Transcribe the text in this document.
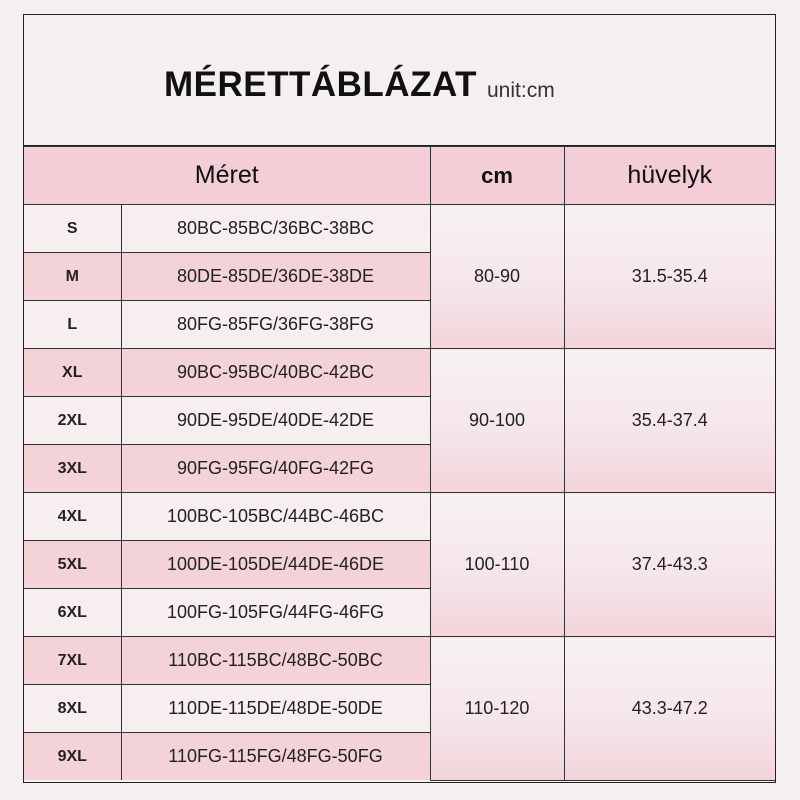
MÉRETTÁBLÁZAT unit:cm
Méret		cm	hüvelyk
S	80BC-85BC/36BC-38BC	80-90	31.5-35.4
M	80DE-85DE/36DE-38DE		
L	80FG-85FG/36FG-38FG		
XL	90BC-95BC/40BC-42BC	90-100	35.4-37.4
2XL	90DE-95DE/40DE-42DE		
3XL	90FG-95FG/40FG-42FG		
4XL	100BC-105BC/44BC-46BC	100-110	37.4-43.3
5XL	100DE-105DE/44DE-46DE		
6XL	100FG-105FG/44FG-46FG		
7XL	110BC-115BC/48BC-50BC	110-120	43.3-47.2
8XL	110DE-115DE/48DE-50DE		
9XL	110FG-115FG/48FG-50FG		
